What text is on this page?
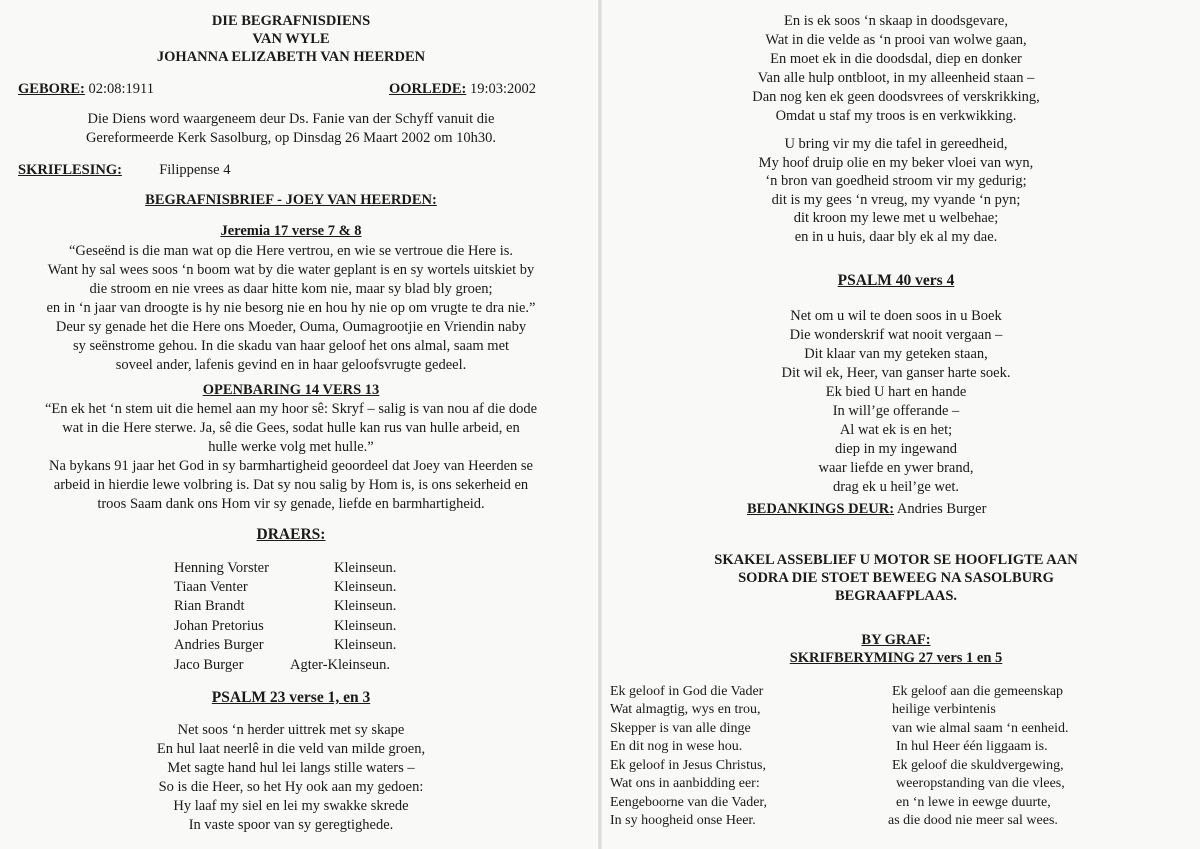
DIE BEGRAFNISDIENS
VAN WYLE
JOHANNA ELIZABETH VAN HEERDEN
GEBORE: 02:08:1911	OORLEDE: 19:03:2002
Die Diens word waargeneem deur Ds. Fanie van der Schyff vanuit die
Gereformeerde Kerk Sasolburg, op Dinsdag 26 Maart 2002 om 10h30.
SKRIFLESING:	Filippense 4
BEGRAFNISBRIEF - JOEY VAN HEERDEN:
Jeremia 17 verse 7 & 8
“Geseënd is die man wat op die Here vertrou, en wie se vertroue die Here is.
Want hy sal wees soos ‘n boom wat by die water geplant is en sy wortels uitskiet by
die stroom en nie vrees as daar hitte kom nie, maar sy blad bly groen;
en in ‘n jaar van droogte is hy nie besorg nie en hou hy nie op om vrugte te dra nie.”
Deur sy genade het die Here ons Moeder, Ouma, Oumagrootjie en Vriendin naby
sy seënstrome gehou. In die skadu van haar geloof het ons almal, saam met
soveel ander, lafenis gevind en in haar geloofsvrugte gedeel.
OPENBARING 14 VERS 13
“En ek het ‘n stem uit die hemel aan my hoor sê: Skryf – salig is van nou af die dode
wat in die Here sterwe. Ja, sê die Gees, sodat hulle kan rus van hulle arbeid, en
hulle werke volg met hulle.”
Na bykans 91 jaar het God in sy barmhartigheid geoordeel dat Joey van Heerden se
arbeid in hierdie lewe volbring is. Dat sy nou salig by Hom is, is ons sekerheid en
troos Saam dank ons Hom vir sy genade, liefde en barmhartigheid.
DRAERS:
Henning Vorster	Kleinseun.
Tiaan Venter	Kleinseun.
Rian Brandt	Kleinseun.
Johan Pretorius	Kleinseun.
Andries Burger	Kleinseun.
Jaco Burger	Agter-Kleinseun.
PSALM 23 verse 1, en 3
Net soos ‘n herder uittrek met sy skape
En hul laat neerlê in die veld van milde groen,
Met sagte hand hul lei langs stille waters –
So is die Heer, so het Hy ook aan my gedoen:
Hy laaf my siel en lei my swakke skrede
In vaste spoor van sy geregtighede.
En is ek soos ‘n skaap in doodsgevare,
Wat in die velde as ‘n prooi van wolwe gaan,
En moet ek in die doodsdal, diep en donker
Van alle hulp ontbloot, in my alleenheid staan –
Dan nog ken ek geen doodsvrees of verskrikking,
Omdat u staf my troos is en verkwikking.
U bring vir my die tafel in gereedheid,
My hoof druip olie en my beker vloei van wyn,
‘n bron van goedheid stroom vir my gedurig;
dit is my gees ‘n vreug, my vyande ‘n pyn;
dit kroon my lewe met u welbehae;
en in u huis, daar bly ek al my dae.
PSALM 40 vers 4
Net om u wil te doen soos in u Boek
Die wonderskrif wat nooit vergaan –
Dit klaar van my geteken staan,
Dit wil ek, Heer, van ganser harte soek.
Ek bied U hart en hande
In will’ge offerande –
Al wat ek is en het;
diep in my ingewand
waar liefde en ywer brand,
drag ek u heil’ge wet.
BEDANKINGS DEUR: Andries Burger
SKAKEL ASSEBLIEF U MOTOR SE HOOFLIGTE AAN
SODRA DIE STOET BEWEEG NA SASOLBURG
BEGRAAFPLAAS.
BY GRAF:
SKRIFBERYMING 27 vers 1 en 5
Ek geloof in God die Vader
Wat almagtig, wys en trou,
Skepper is van alle dinge
En dit nog in wese hou.
Ek geloof in Jesus Christus,
Wat ons in aanbidding eer:
Eengeboorne van die Vader,
In sy hoogheid onse Heer.
Ek geloof aan die gemeenskap
heilige verbintenis
van wie almal saam ‘n eenheid.
In hul Heer één liggaam is.
Ek geloof die skuldvergewing,
weeropstanding van die vlees,
en ‘n lewe in eewge duurte,
as die dood nie meer sal wees.
